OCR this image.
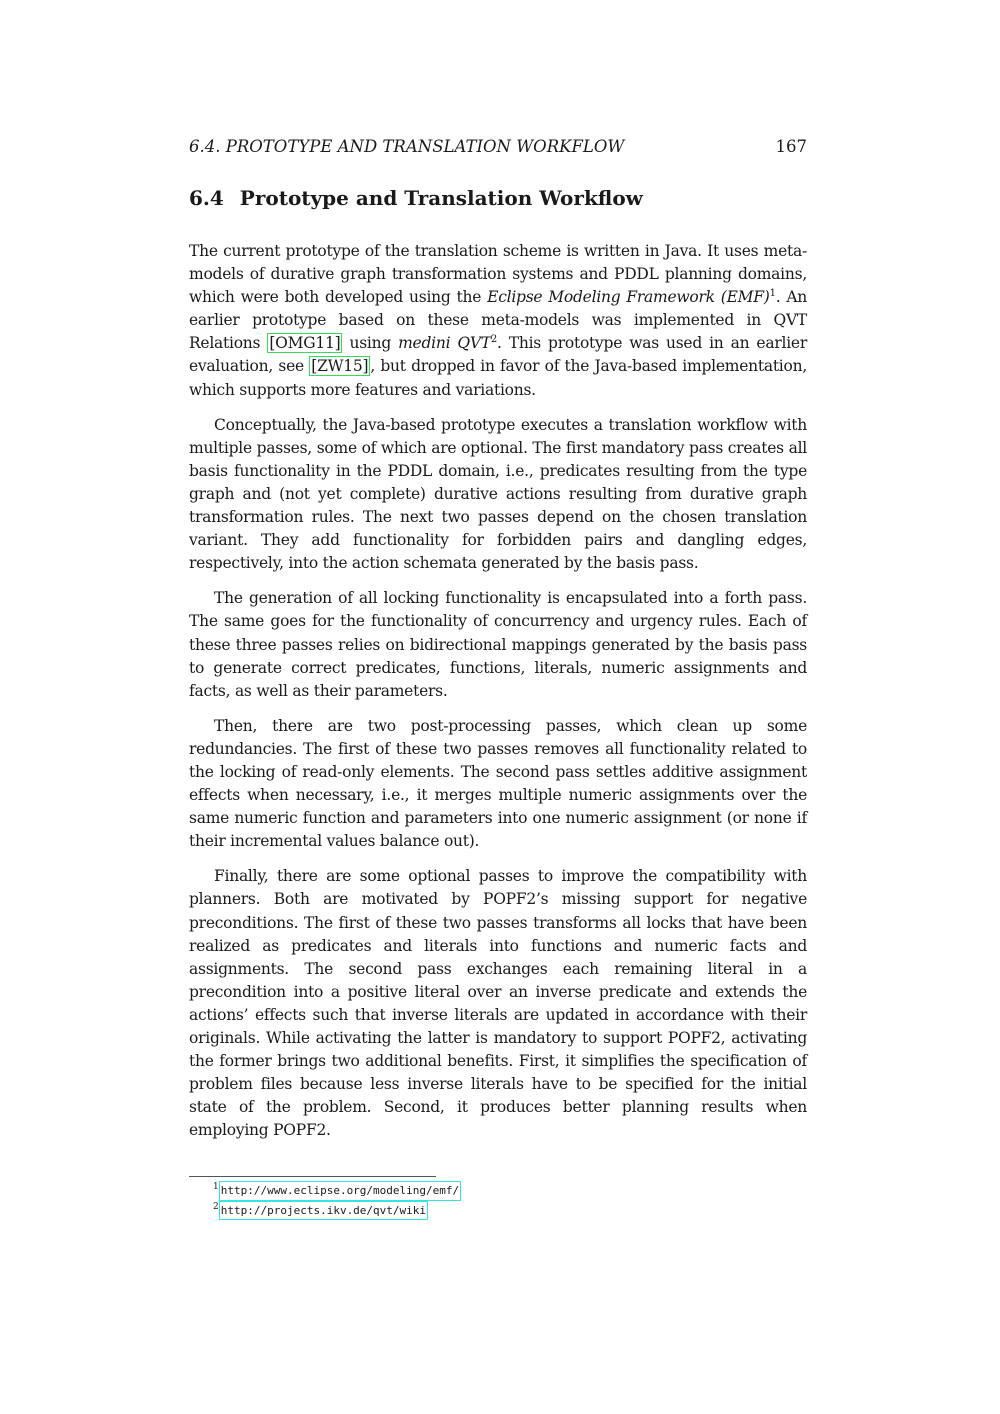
6.4. PROTOTYPE AND TRANSLATION WORKFLOW	167
6.4 Prototype and Translation Workflow

The current prototype of the translation scheme is written in Java. It uses meta-models of durative graph transformation systems and PDDL planning domains, which were both developed using the Eclipse Modeling Framework (EMF)$^1$. An earlier prototype based on these meta-models was implemented in QVT Relations [OMG11] using medini QVT$^2$. This prototype was used in an earlier evaluation, see [ZW15] , but dropped in favor of the Java-based implementation, which supports more features and variations.

Conceptually, the Java-based prototype executes a translation workflow with multiple passes, some of which are optional. The first mandatory pass creates all basis functionality in the PDDL domain, i.e., predicates resulting from the type graph and (not yet complete) durative actions resulting from durative graph transformation rules. The next two passes depend on the chosen translation variant. They add functionality for forbidden pairs and dangling edges, respectively, into the action schemata generated by the basis pass.

The generation of all locking functionality is encapsulated into a forth pass. The same goes for the functionality of concurrency and urgency rules. Each of these three passes relies on bidirectional mappings generated by the basis pass to generate correct predicates, functions, literals, numeric assignments and facts, as well as their parameters.

Then, there are two post-processing passes, which clean up some redundancies. The first of these two passes removes all functionality related to the locking of read-only elements. The second pass settles additive assignment effects when necessary, i.e., it merges multiple numeric assignments over the same numeric function and parameters into one numeric assignment (or none if their incremental values balance out).

Finally, there are some optional passes to improve the compatibility with planners. Both are motivated by POPF2’s missing support for negative preconditions. The first of these two passes transforms all locks that have been realized as predicates and literals into functions and numeric facts and assignments. The second pass exchanges each remaining literal in a precondition into a positive literal over an inverse predicate and extends the actions’ effects such that inverse literals are updated in accordance with their originals. While activating the latter is mandatory to support POPF2, activating the former brings two additional benefits. First, it simplifies the specification of problem files because less inverse literals have to be specified for the initial state of the problem. Second, it produces better planning results when employing POPF2.

1 http://www.eclipse.org/modeling/emf/
2 http://projects.ikv.de/qvt/wiki
